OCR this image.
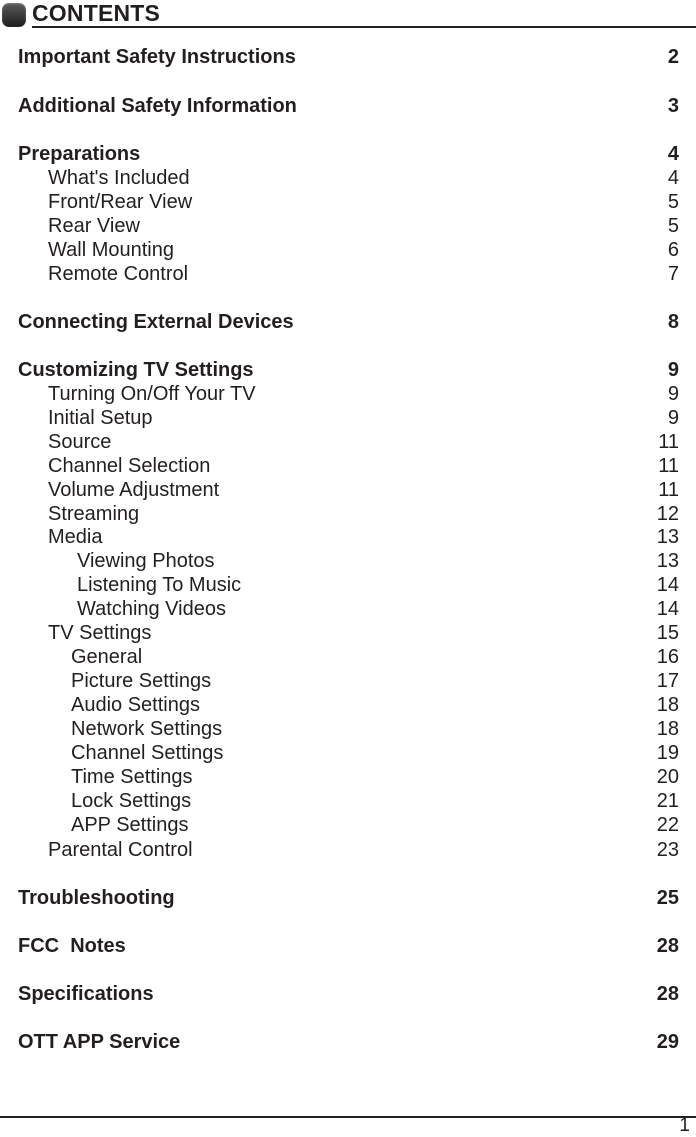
CONTENTS
Important Safety Instructions	2
Additional Safety Information	3
Preparations	4
What's Included	4
Front/Rear View	5
Rear View	5
Wall Mounting	6
Remote Control	7
Connecting External Devices	8
Customizing TV Settings	9
Turning On/Off Your TV	9
Initial Setup	9
Source	11
Channel Selection	11
Volume Adjustment	11
Streaming	12
Media	13
Viewing Photos	13
Listening To Music	14
Watching Videos	14
TV Settings	15
General	16
Picture Settings	17
Audio Settings	18
Network Settings	18
Channel Settings	19
Time Settings	20
Lock Settings	21
APP Settings	22
Parental Control	23
Troubleshooting	25
FCC  Notes	28
Specifications	28
OTT APP Service	29
1
